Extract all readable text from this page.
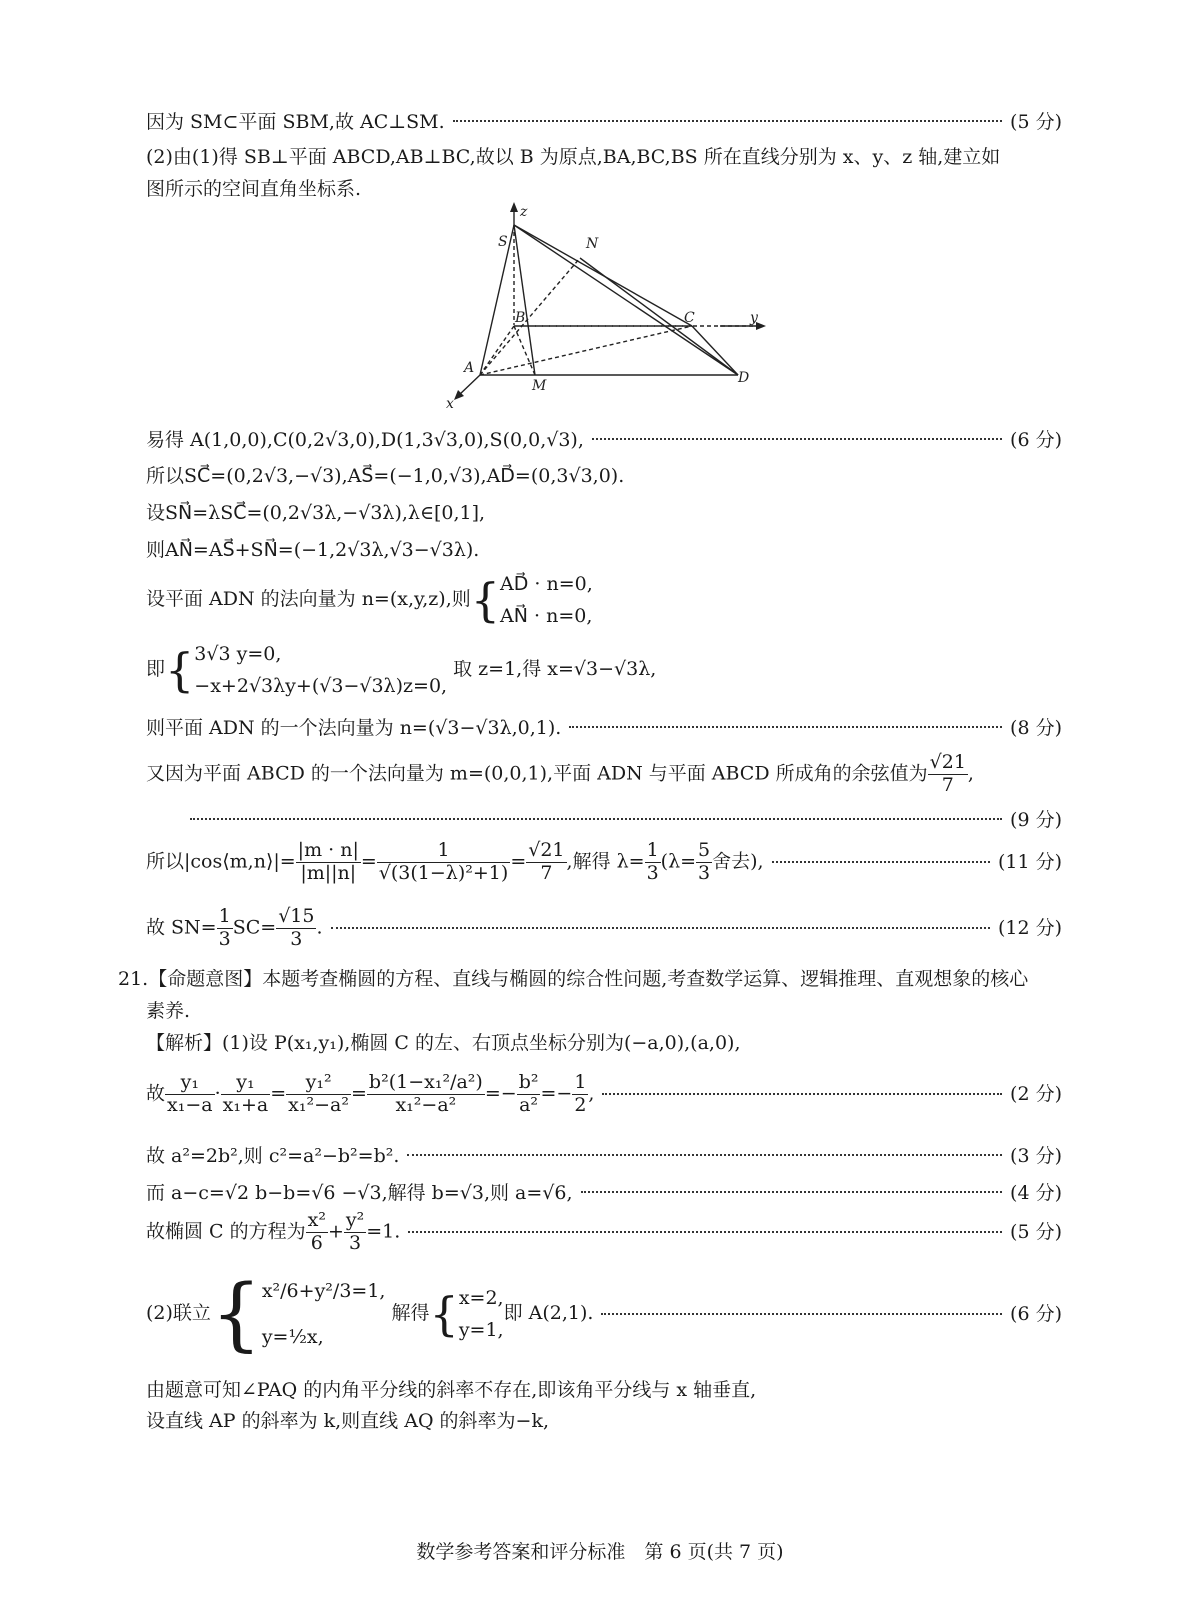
因为 SM⊂平面 SBM,故 AC⊥SM.	(5 分)
(2)由(1)得 SB⊥平面 ABCD,AB⊥BC,故以 B 为原点,BA,BC,BS 所在直线分别为 x、y、z 轴,建立如
图所示的空间直角坐标系.
z
y
x
S	N
B	C
A
M	D
易得 A(1,0,0),C(0,2√3,0),D(1,3√3,0),S(0,0,√3),	(6 分)
所以SC⃗=(0,2√3,−√3),AS⃗=(−1,0,√3),AD⃗=(0,3√3,0).
设SN⃗=λSC⃗=(0,2√3λ,−√3λ),λ∈[0,1],
则AN⃗=AS⃗+SN⃗=(−1,2√3λ,√3−√3λ).
设平面 ADN 的法向量为 n=(x,y,z),则{ AD⃗ · n=0,
AN⃗ · n=0,
即{ 3√3 y=0,
−x+2√3λy+(√3−√3λ)z=0,
取 z=1,得 x=√3−√3λ,
则平面 ADN 的一个法向量为 n=(√3−√3λ,0,1).	(8 分)
又因为平面 ABCD 的一个法向量为 m=(0,0,1),平面 ADN 与平面 ABCD 所成角的余弦值为 $\frac{√21}{7}$ ,
(9 分)
所以|cos⟨m,n⟩|= $\frac{|m \cdot n|}{|m||n|} = \frac{1}{\text{√(3(1−λ)²+1)}} = \frac{√21}{7}$ ,解得 $\lambda= \frac{1}{3} (\lambda= \frac{5}{3}$ 舍去),	(11 分)
故 $SN= \frac{1}{3} SC= \frac{√15}{3}$ .	(12 分)
21.【命题意图】本题考查椭圆的方程、直线与椭圆的综合性问题,考查数学运算、逻辑推理、直观想象的核心
素养.
【解析】(1)设 P(x₁,y₁),椭圆 C 的左、右顶点坐标分别为(−a,0),(a,0),
故 $\frac{\text{y₁}}{\text{x₁−a}} \cdot \frac{\text{y₁}}{\text{x₁+a}} = \frac{\text{y₁²}}{\text{x₁²−a²}} = \frac{\text{b²(1−x₁²/a²)}}{\text{x₁²−a²}} =- \frac{\text{b²}}{\text{a²}} =- \frac{1}{2}$ ,	(2 分)
故 a²=2b²,则 c²=a²−b²=b².	(3 分)
而 a−c=√2 b−b=√6 −√3,解得 b=√3,则 a=√6,	(4 分)
故椭圆 C 的方程为 $\frac{\text{x²}}{6} + \frac{\text{y²}}{3} =1$.	(5 分)
(2)联立{ x²/6+y²/3=1,
y=½x,
解得{ x=2,
y=1,
即 A(2,1).	(6 分)
由题意可知∠PAQ 的内角平分线的斜率不存在,即该角平分线与 x 轴垂直,
设直线 AP 的斜率为 k,则直线 AQ 的斜率为−k,
数学参考答案和评分标准　第 6 页(共 7 页)
